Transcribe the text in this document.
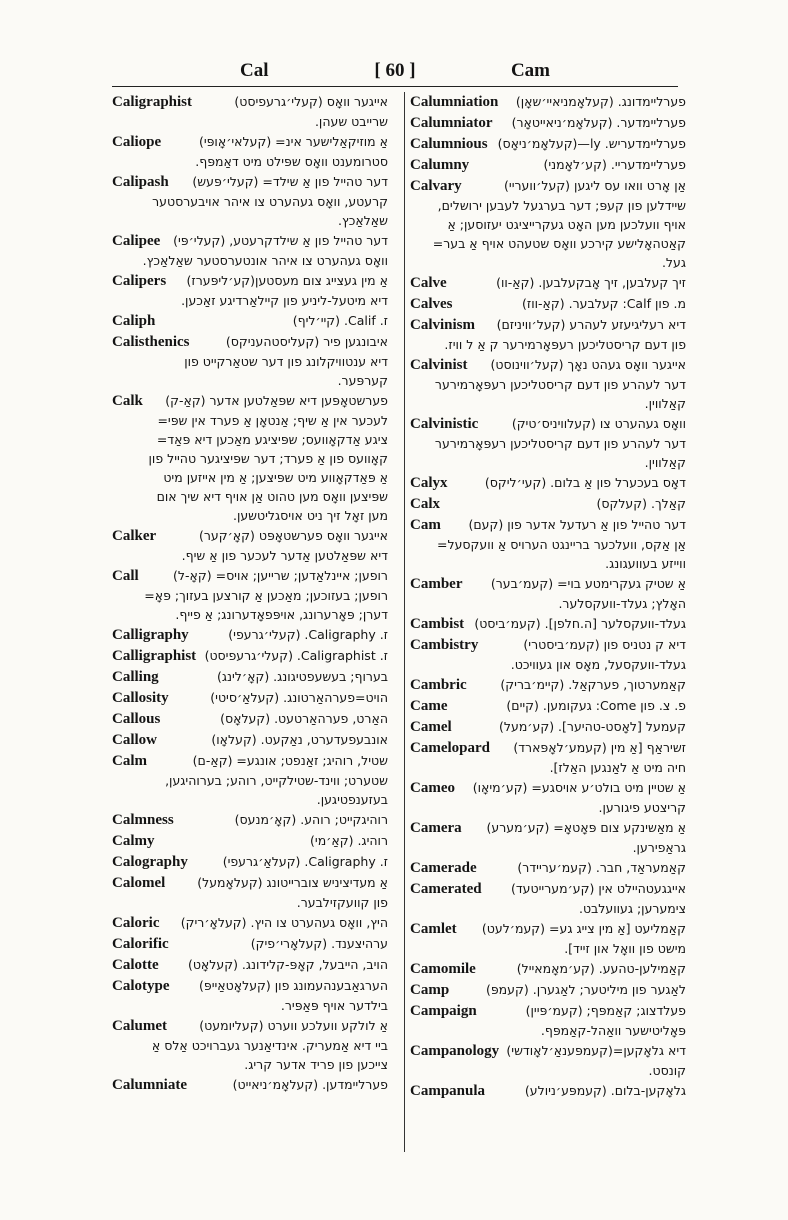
Cal	[ 60 ]	Cam
Caligraphist	אייגער וואָס (קעלי׳גרעפיסט)
שרייבט שעהן.
Caliope	אַ מוזיקאַלישער אינ= (קעלאי׳אָופּי)
סטרומענט וואָס שפּילט מיט דאַמפּף.
Calipash	דער טהייל פון אַ שילד= (קעלי׳פּעש)
קרעטע, וואָס געהערט צו איהר אויבערסטער
שאַלאַכץ.
Calipee	דער טהייל פון אַ שילדקרעטע, (קעלי׳פּי)
וואָס געהערט צו איהר אונטערסטער שאַלאַכץ.
Calipers	אַ מין געצייג צום מעסטען(קע׳ליפּערז)
דיא מיטעל-ליניע פון קיילאַרדיגע זאַכען.
Caliph	ז. Calif. (קיי׳ליף)
Calisthenics	איבונגען פיר (קעליסטהעניקס)
דיא ענטוויקלונג פון דער שטאַרקייט פון
קערפּער.
Calk	פערשטאָפּען דיא שפּאַלטען אדער (קאַ-ק)
לעכער אין אַ שיף; אַנטאָן אַ פערד אין שפּי=
ציגע אַדקאָוועס; שפּיציגע מאַכען דיא פּאַד=
קאָוועס פון אַ פערד; דער שפּיציגער טהייל פון
אַ פּאַדקאָווע מיט שפּיצען; אַ מין אייזען מיט
שפּיצען וואָס מען טהוט אַן אויף דיא שיך אום
מען זאָל זיך ניט אויסגליטשען.
Calker	אייגער וואָס פערשטאָפּט (קאָ׳קער)
דיא שפּאַלטען אַדער לעכער פון אַ שיף.
Call	רופען; איינלאַדען; שרייען; אויס= (קאָ-ל)
רופען; בעזוכען; מאַכען אַ קורצען בעזוך; פּאָ=
דערן; פּאָרערונג, אויפּפאָדערונג; אַ פייף.
Calligraphy	ז. Caligraphy. (קעלי׳גרעפי)
Calligraphist ז. Caligraphist. (קעלי׳גרעפיסט)
Calling	בערוף; בעשעפטיגונג. (קאָ׳לינג)
Callosity	הויט=פערהאַרטונג. (קעלאַ׳סיטי)
Callous	האַרט, פערהאַרטעט. (קעלאָס)
Callow	אונבעפעדערט, נאַקעט. (קעלאָו)
Calm	שטיל, רוהיג; זאַנפט; אונגע= (קאַ-ם)
שטערט; ווינד-שטילקייט, רוהע; בערוהיגען,
בעזענפטיגען.
Calmness	רוהיגקייט; רוהע. (קאָ׳מנעס)
Calmy	רוהיג. (קאַ׳מי)
Calography	ז. Caligraphy. (קעלאַ׳גרעפי)
Calomel	אַ מעדיציניש צוברייטונג (קעלאָמעל)
פון קוועקזילבער.
Caloric	היץ, וואָס געהערט צו היץ. (קעלאָ׳ריק)
Calorific	ערהיצענד. (קעלאָרי׳פיק)
Calotte	הויב, הייבעל, קאָפּ-קלידונג. (קעלאָט)
Calotype	הערגאַבענהעמונג פון (קעלאָטאַייפּ)
בילדער אויף פּאַפּיר.
Calumet	אַ לולקע וועלכע ווערט (קעליומעט)
ביי דיא אַמעריק. אינדיאַנער געברויכט אַלס אַ
צייכען פון פריד אדער קריג.
Calumniate	פערליימדען. (קעלאָמ׳ניאייט)
Calumniation	פערליימדונג. (קעלאָמניאיי׳שאָן)
Calumniator	פערליימדער. (קעלאָמ׳ניאייטאָר)
Calumnious פערליימדעריש. ly—(קעלאָמ׳ניאָס)
Calumny	פערליימדעריי. (קע׳לאָמני)
Calvary	אַן אָרט וואו עס ליגען (קעל׳וועריי)
שיידלען פון קעפּ; דער בערגעל לעבען ירושלים,
אויף וועלכען מען האָט געקרייציגט יעזוסען; אַ
קאַטהאָלישע קירכע וואָס שטעהט אויף אַ בער=
געל.
Calve	זיך קעלבען, זיך אָבקעלבען. (קאַ-וו)
Calves	מ. פון Calf: קעלבער. (קאַ-ווז)
Calvinism	דיא רעליגיעזע לעהרע (קעל׳וויניזם)
פון דעם קריסטליכען רעפּאָרמירער ק אַ ל וויז.
Calvinist	אייגער וואָס געהט נאָך (קעל׳ווינוסט)
דער לעהרע פון דעם קריסטליכען רעפּאָרמירער
קאַלווין.
Calvinistic	וואָס געהערט צו (קעלוויניס׳טיק)
דער לעהרע פון דעם קריסטליכען רעפּאָרמירער
קאַלווין.
Calyx	דאָס בעכערל פון אַ בלום. (קעי׳ליקס)
Calx	קאַלך. (קעלקס)
Cam	דער טהייל פון אַ רעדעל אדער פון (קעם)
אַן אַקס, וועלכער בריינגט הערויס אַ וועקסעל=
ווייזע בעוועגונג.
Camber	אַ שטיק געקרימטע בוי= (קעמ׳בער)
האָלץ; געלד-וועקסלער.
Cambist געלד-וועקסלער [ה.חלפן]. (קעמ׳ביסט)
Cambistry	דיא ק נטניס פון (קעמ׳ביסטרי)
געלד-וועקסעל, מאָס און געוויכט.
Cambric	קאַמערטוך, פערקאַל. (קיימ׳בריק)
Came	פ. צ. פון Come: געקומען. (קיים)
Camel	קעמעל [לאָסט-טהיער]. (קע׳מעל)
Camelopard	זשיראַף [אַ מין (קעמע׳לאָפּארד)
חיה מיט אַ לאַנגען האַלז].
Cameo	אַ שטיין מיט בולט׳ע אויסגע= (קע׳מיאָו)
קריצטע פיגורען.
Camera	אַ מאַשינקע צום פּאָטאָ= (קע׳מערע)
גראַפירען.
Camerade	קאַמעראַד, חבר. (קעמ׳עריידר)
Camerated	אייגגעטהיילט אין (קע׳מערייטעד)
צימערען; געוועלבט.
Camlet	קאַמליעט [אַ מין צייג גע= (קעמ׳לעט)
מישט פון וואָל און זייד].
Camomile	קאַמילען-טהעע. (קע׳מאָמאייל)
Camp	לאַגער פון מיליטער; לאַגערן. (קעמפּ)
Campaign	פעלדצוג; קאַמפּף; (קעמ׳פּיין)
פּאָליטישער וואַהל-קאַמפּף.
Campanology דיא גלאָקען=(קעמפּענאַ׳לאָודשי)
קונסט.
Campanula	גלאָקען-בלום. (קעמפּע׳ניולע)
